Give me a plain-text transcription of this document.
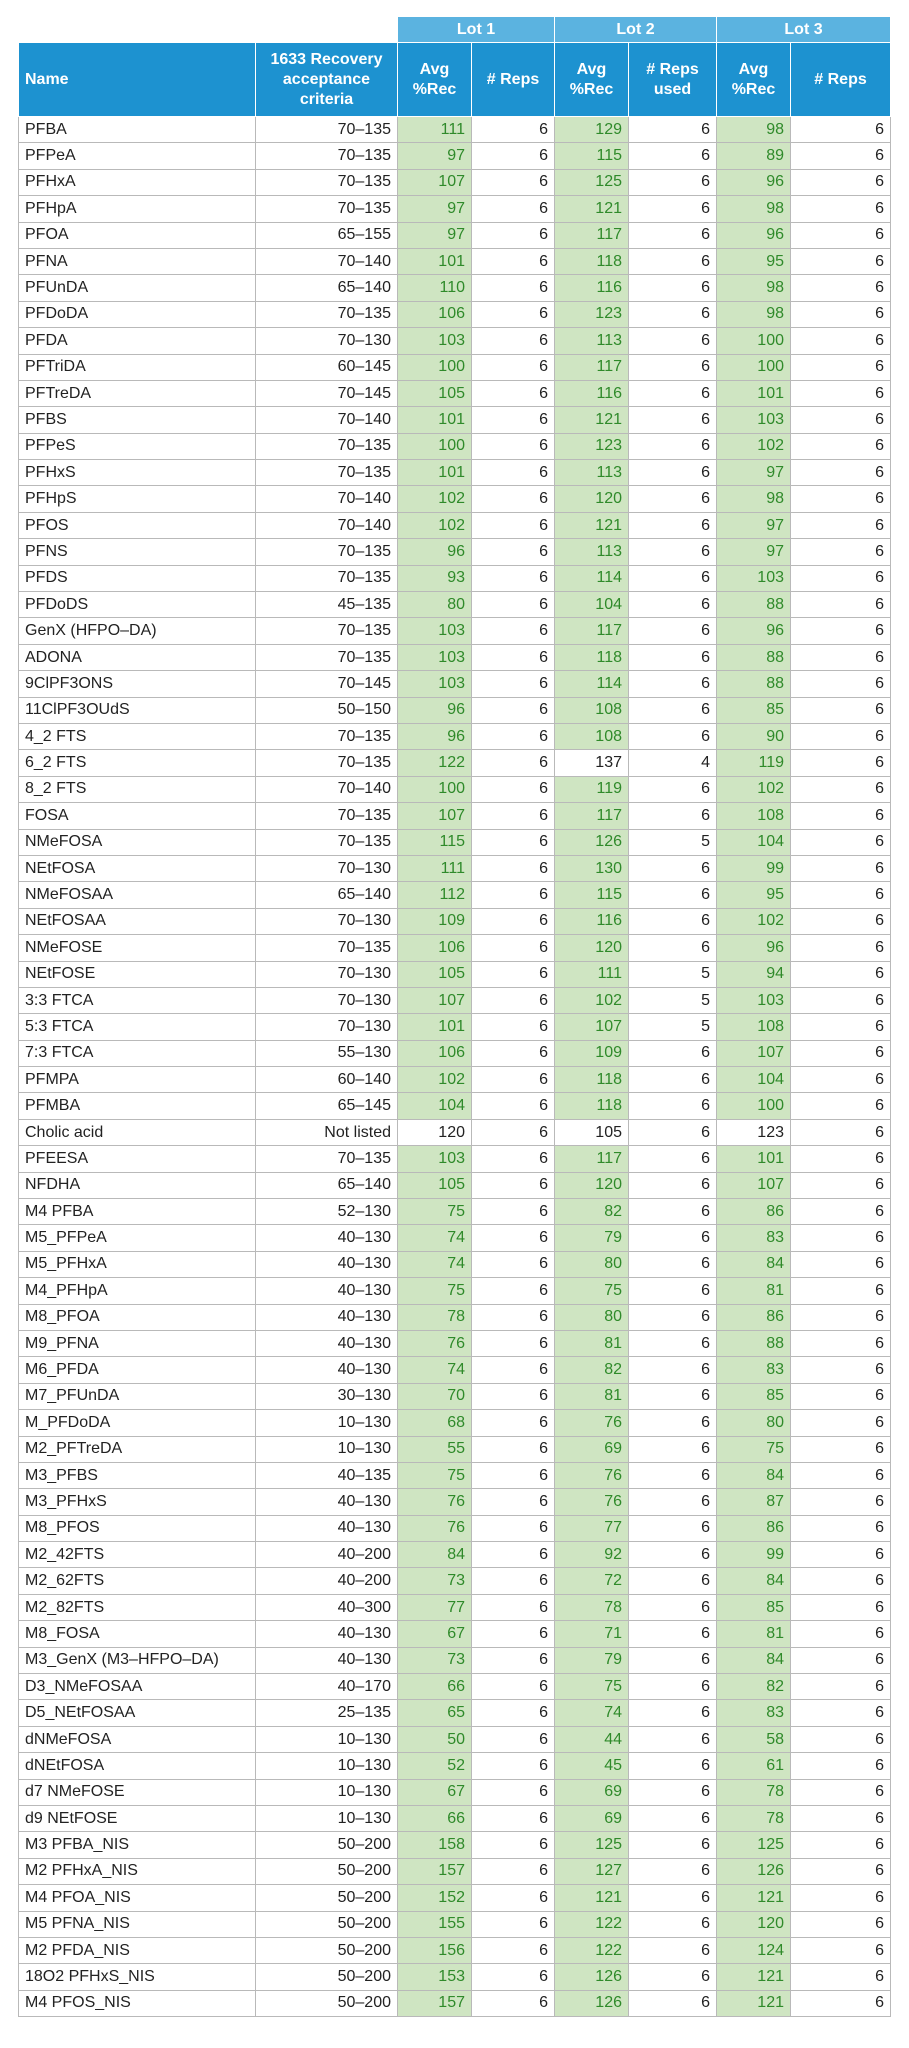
		Lot 1		Lot 2		Lot 3	
Name	1633 Recovery acceptance criteria	Avg %Rec	# Reps	Avg %Rec	# Reps used	Avg %Rec	# Reps
PFBA	70–135	111	6	129	6	98	6
PFPeA	70–135	97	6	115	6	89	6
PFHxA	70–135	107	6	125	6	96	6
PFHpA	70–135	97	6	121	6	98	6
PFOA	65–155	97	6	117	6	96	6
PFNA	70–140	101	6	118	6	95	6
PFUnDA	65–140	110	6	116	6	98	6
PFDoDA	70–135	106	6	123	6	98	6
PFDA	70–130	103	6	113	6	100	6
PFTriDA	60–145	100	6	117	6	100	6
PFTreDA	70–145	105	6	116	6	101	6
PFBS	70–140	101	6	121	6	103	6
PFPeS	70–135	100	6	123	6	102	6
PFHxS	70–135	101	6	113	6	97	6
PFHpS	70–140	102	6	120	6	98	6
PFOS	70–140	102	6	121	6	97	6
PFNS	70–135	96	6	113	6	97	6
PFDS	70–135	93	6	114	6	103	6
PFDoDS	45–135	80	6	104	6	88	6
GenX (HFPO–DA)	70–135	103	6	117	6	96	6
ADONA	70–135	103	6	118	6	88	6
9ClPF3ONS	70–145	103	6	114	6	88	6
11ClPF3OUdS	50–150	96	6	108	6	85	6
4_2 FTS	70–135	96	6	108	6	90	6
6_2 FTS	70–135	122	6	137	4	119	6
8_2 FTS	70–140	100	6	119	6	102	6
FOSA	70–135	107	6	117	6	108	6
NMeFOSA	70–135	115	6	126	5	104	6
NEtFOSA	70–130	111	6	130	6	99	6
NMeFOSAA	65–140	112	6	115	6	95	6
NEtFOSAA	70–130	109	6	116	6	102	6
NMeFOSE	70–135	106	6	120	6	96	6
NEtFOSE	70–130	105	6	111	5	94	6
3:3 FTCA	70–130	107	6	102	5	103	6
5:3 FTCA	70–130	101	6	107	5	108	6
7:3 FTCA	55–130	106	6	109	6	107	6
PFMPA	60–140	102	6	118	6	104	6
PFMBA	65–145	104	6	118	6	100	6
Cholic acid	Not listed	120	6	105	6	123	6
PFEESA	70–135	103	6	117	6	101	6
NFDHA	65–140	105	6	120	6	107	6
M4 PFBA	52–130	75	6	82	6	86	6
M5_PFPeA	40–130	74	6	79	6	83	6
M5_PFHxA	40–130	74	6	80	6	84	6
M4_PFHpA	40–130	75	6	75	6	81	6
M8_PFOA	40–130	78	6	80	6	86	6
M9_PFNA	40–130	76	6	81	6	88	6
M6_PFDA	40–130	74	6	82	6	83	6
M7_PFUnDA	30–130	70	6	81	6	85	6
M_PFDoDA	10–130	68	6	76	6	80	6
M2_PFTreDA	10–130	55	6	69	6	75	6
M3_PFBS	40–135	75	6	76	6	84	6
M3_PFHxS	40–130	76	6	76	6	87	6
M8_PFOS	40–130	76	6	77	6	86	6
M2_42FTS	40–200	84	6	92	6	99	6
M2_62FTS	40–200	73	6	72	6	84	6
M2_82FTS	40–300	77	6	78	6	85	6
M8_FOSA	40–130	67	6	71	6	81	6
M3_GenX (M3–HFPO–DA)	40–130	73	6	79	6	84	6
D3_NMeFOSAA	40–170	66	6	75	6	82	6
D5_NEtFOSAA	25–135	65	6	74	6	83	6
dNMeFOSA	10–130	50	6	44	6	58	6
dNEtFOSA	10–130	52	6	45	6	61	6
d7 NMeFOSE	10–130	67	6	69	6	78	6
d9 NEtFOSE	10–130	66	6	69	6	78	6
M3 PFBA_NIS	50–200	158	6	125	6	125	6
M2 PFHxA_NIS	50–200	157	6	127	6	126	6
M4 PFOA_NIS	50–200	152	6	121	6	121	6
M5 PFNA_NIS	50–200	155	6	122	6	120	6
M2 PFDA_NIS	50–200	156	6	122	6	124	6
18O2 PFHxS_NIS	50–200	153	6	126	6	121	6
M4 PFOS_NIS	50–200	157	6	126	6	121	6
